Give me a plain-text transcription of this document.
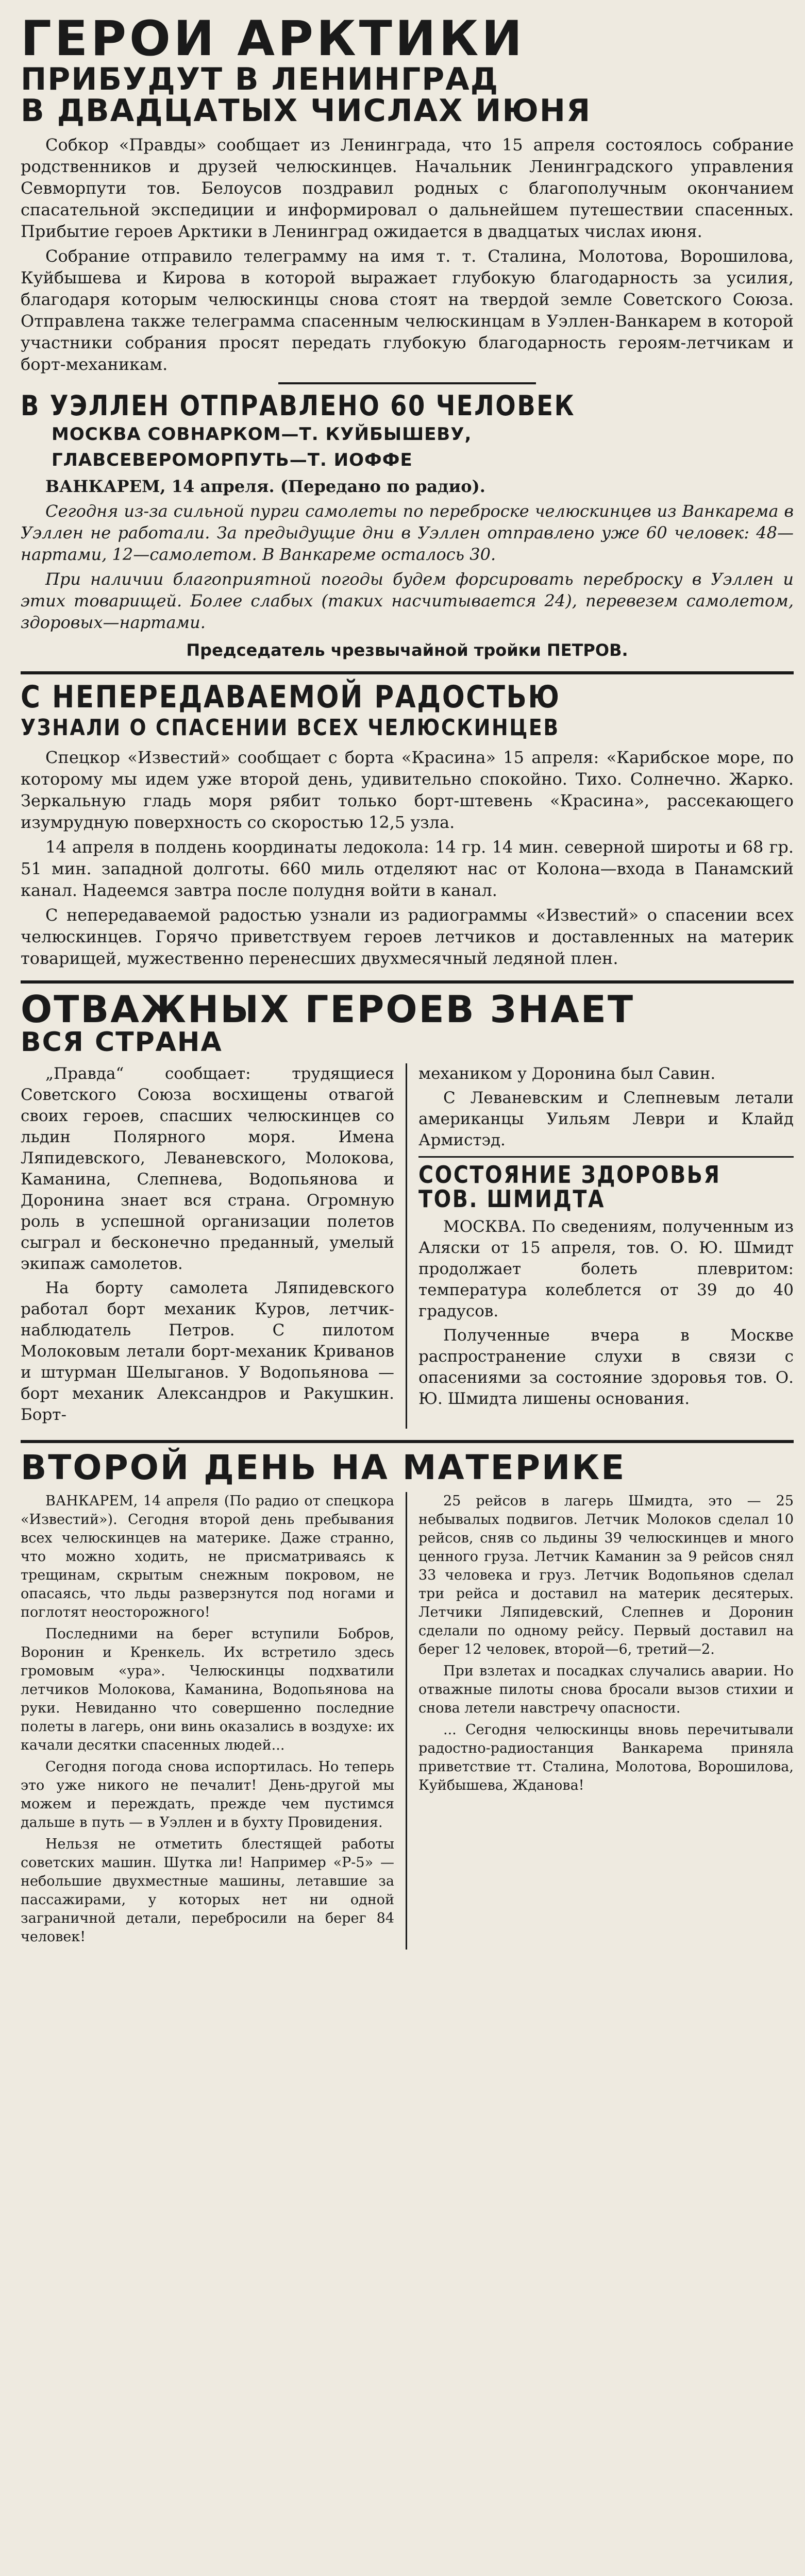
ГЕРОИ АРКТИКИ
ПРИБУДУТ В ЛЕНИНГРАД
В ДВАДЦАТЫХ ЧИСЛАХ ИЮНЯ

Собкор «Правды» сообщает из Ленинграда, что 15 апреля состоялось собрание родственников и друзей челюскинцев. Начальник Ленинградского управления Севморпути тов. Белоусов поздравил родных с благополучным окончанием спасательной экспедиции и информировал о дальнейшем путешествии спасенных. Прибытие героев Арктики в Ленинград ожидается в двадцатых числах июня.

Собрание отправило телеграмму на имя т. т. Сталина, Молотова, Ворошилова, Куйбышева и Кирова в которой выражает глубокую благодарность за усилия, благодаря которым челюскинцы снова стоят на твердой земле Советского Союза. Отправлена также телеграмма спасенным челюскинцам в Уэллен-Ванкарем в которой участники собрания просят передать глубокую благодарность героям-летчикам и борт-механикам.

В УЭЛЛЕН ОТПРАВЛЕНО 60 ЧЕЛОВЕК
МОСКВА СОВНАРКОМ—Т. КУЙБЫШЕВУ,
ГЛАВСЕВЕРОМОРПУТЬ—Т. ИОФФЕ

ВАНКАРЕМ, 14 апреля. (Передано по радио).

Сегодня из-за сильной пурги самолеты по переброске челюскинцев из Ванкарема в Уэллен не работали. За предыдущие дни в Уэллен отправлено уже 60 человек: 48—нартами, 12—самолетом. В Ванкареме осталось 30.

При наличии благоприятной погоды будем форсировать переброску в Уэллен и этих товарищей. Более слабых (таких насчитывается 24), перевезем самолетом, здоровых—нартами.

Председатель чрезвычайной тройки ПЕТРОВ.
С НЕПЕРЕДАВАЕМОЙ РАДОСТЬЮ
УЗНАЛИ О СПАСЕНИИ ВСЕХ ЧЕЛЮСКИНЦЕВ

Спецкор «Известий» сообщает с борта «Красина» 15 апреля: «Карибское море, по которому мы идем уже второй день, удивительно спокойно. Тихо. Солнечно. Жарко. Зеркальную гладь моря рябит только борт-штевень «Красина», рассекающего изумрудную поверхность со скоростью 12,5 узла.

14 апреля в полдень координаты ледокола: 14 гр. 14 мин. северной широты и 68 гр. 51 мин. западной долготы. 660 миль отделяют нас от Колона—входа в Панамский канал. Надеемся завтра после полудня войти в канал.

С непередаваемой радостью узнали из радиограммы «Известий» о спасении всех челюскинцев. Горячо приветствуем героев летчиков и доставленных на материк товарищей, мужественно перенесших двухмесячный ледяной плен.

ОТВАЖНЫХ ГЕРОЕВ ЗНАЕТ
ВСЯ СТРАНА

„Правда“ сообщает: трудящиеся Советского Союза восхищены отвагой своих героев, спасших челюскинцев со льдин Полярного моря. Имена Ляпидевского, Леваневского, Молокова, Каманина, Слепнева, Водопьянова и Доронина знает вся страна. Огромную роль в успешной организации полетов сыграл и бесконечно преданный, умелый экипаж самолетов.

На борту самолета Ляпидевского работал борт механик Куров, летчик-наблюдатель Петров. С пилотом Молоковым летали борт-механик Криванов и штурман Шелыганов. У Водопьянова — борт механик Александров и Ракушкин. Борт-

механиком у Доронина был Савин.

С Леваневским и Слепневым летали американцы Уильям Леври и Клайд Армистэд.

СОСТОЯНИЕ ЗДОРОВЬЯ
ТОВ. ШМИДТА

МОСКВА. По сведениям, полученным из Аляски от 15 апреля, тов. О. Ю. Шмидт продолжает болеть плевритом: температура колеблется от 39 до 40 градусов.

Полученные вчера в Москве распространение слухи в связи с опасениями за состояние здоровья тов. О. Ю. Шмидта лишены основания.

ВТОРОЙ ДЕНЬ НА МАТЕРИКЕ

ВАНКАРЕМ, 14 апреля (По радио от спецкора «Известий»). Сегодня второй день пребывания всех челюскинцев на материке. Даже странно, что можно ходить, не присматриваясь к трещинам, скрытым снежным покровом, не опасаясь, что льды разверзнутся под ногами и поглотят неосторожного!

Последними на берег вступили Бобров, Воронин и Кренкель. Их встретило здесь громовым «ура». Челюскинцы подхватили летчиков Молокова, Каманина, Водопьянова на руки. Невиданно что совершенно последние полеты в лагерь, они винь оказались в воздухе: их качали десятки спасенных людей...

Сегодня погода снова испортилась. Но теперь это уже никого не печалит! День-другой мы можем и переждать, прежде чем пустимся дальше в путь — в Уэллен и в бухту Провидения.

Нельзя не отметить блестящей работы советских машин. Шутка ли! Например «Р-5» — небольшие двухместные машины, летавшие за пассажирами, у которых нет ни одной заграничной детали, перебросили на берег 84 человек!

25 рейсов в лагерь Шмидта, это — 25 небывалых подвигов. Летчик Молоков сделал 10 рейсов, сняв со льдины 39 челюскинцев и много ценного груза. Летчик Каманин за 9 рейсов снял 33 человека и груз. Летчик Водопьянов сделал три рейса и доставил на материк десятерых. Летчики Ляпидевский, Слепнев и Доронин сделали по одному рейсу. Первый доставил на берег 12 человек, второй—6, третий—2.

При взлетах и посадках случались аварии. Но отважные пилоты снова бросали вызов стихии и снова летели навстречу опасности.

... Сегодня челюскинцы вновь перечитывали радостно-радиостанция Ванкарема приняла приветствие тт. Сталина, Молотова, Ворошилова, Куйбышева, Жданова!
